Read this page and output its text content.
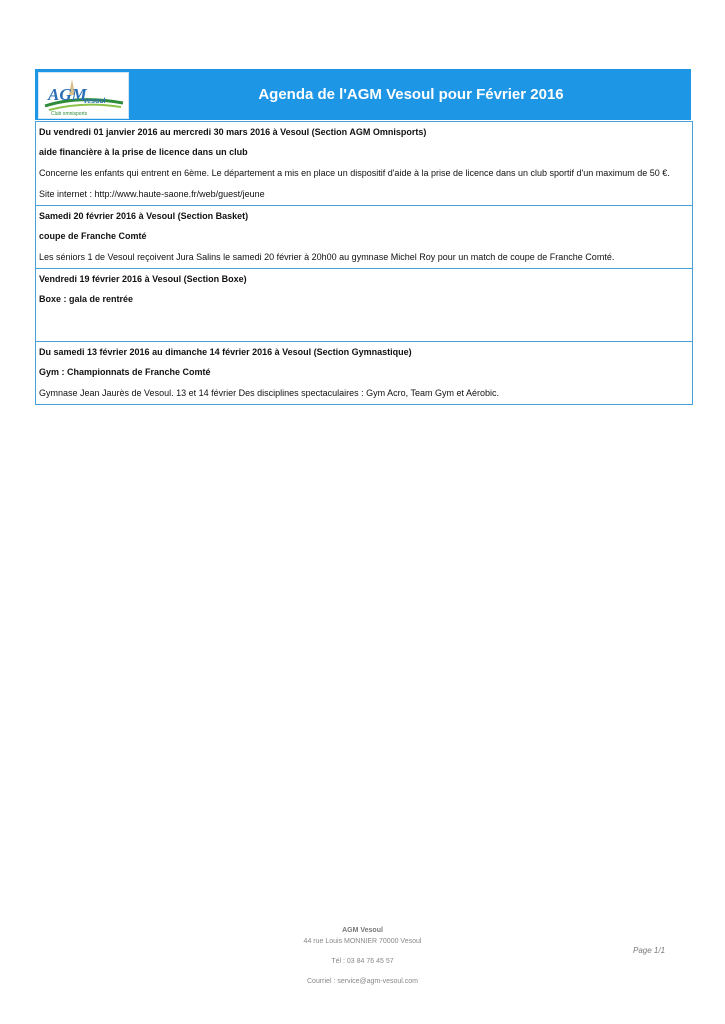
AGM
Vesoul
Club omnisports
Agenda de l'AGM Vesoul pour Février 2016
Du vendredi 01 janvier 2016 au mercredi 30 mars 2016 à Vesoul (Section AGM Omnisports)
aide financière à la prise de licence dans un club
Concerne les enfants qui entrent en 6ème. Le département a mis en place un dispositif d'aide à la prise de licence dans un club sportif d'un maximum de 50 €.
Site internet : http://www.haute-saone.fr/web/guest/jeune
Samedi 20 février 2016 à Vesoul (Section Basket)
coupe de Franche Comté
Les séniors 1 de Vesoul reçoivent Jura Salins le samedi 20 février à 20h00 au gymnase Michel Roy pour un match de coupe de Franche Comté.
Vendredi 19 février 2016 à Vesoul (Section Boxe)
Boxe : gala de rentrée
Du samedi 13 février 2016 au dimanche 14 février 2016 à Vesoul (Section Gymnastique)
Gym : Championnats de Franche Comté
Gymnase Jean Jaurès de Vesoul. 13 et 14 février Des disciplines spectaculaires : Gym Acro, Team Gym et Aérobic.
AGM Vesoul
44 rue Louis MONNIER 70000 Vesoul
Tél : 03 84 76 45 57
Courriel : service@agm-vesoul.com
Page 1/1
